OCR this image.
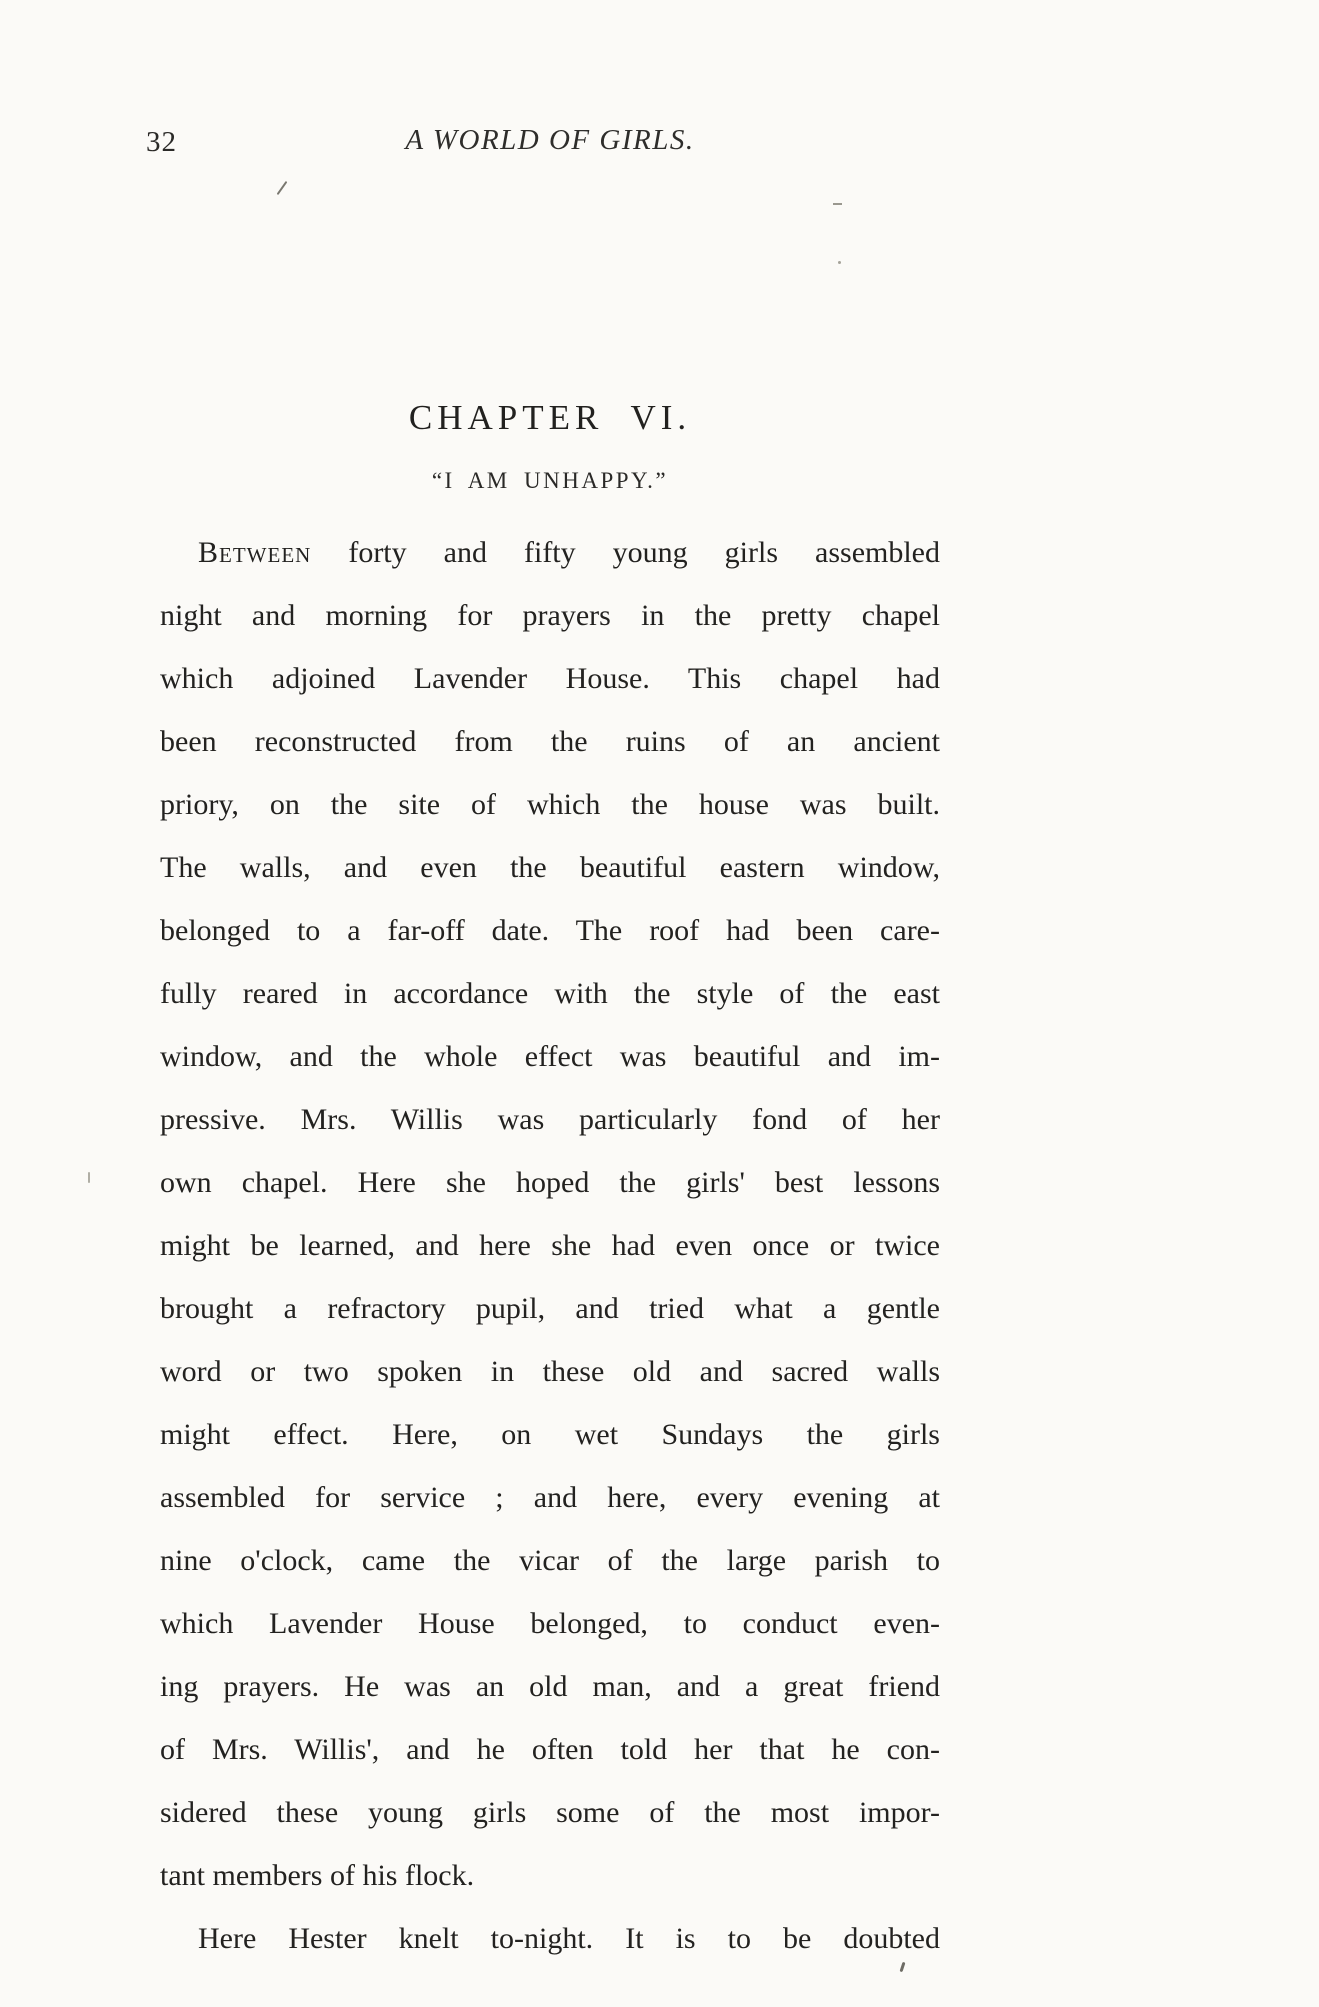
32	A WORLD OF GIRLS.
CHAPTER VI.
“I AM UNHAPPY.”
Between forty and fifty young girls assembled
night and morning for prayers in the pretty chapel
which adjoined Lavender House. This chapel had
been reconstructed from the ruins of an ancient
priory, on the site of which the house was built.
The walls, and even the beautiful eastern window,
belonged to a far-off date. The roof had been care-
fully reared in accordance with the style of the east
window, and the whole effect was beautiful and im-
pressive. Mrs. Willis was particularly fond of her
own chapel. Here she hoped the girls' best lessons
might be learned, and here she had even once or twice
brought a refractory pupil, and tried what a gentle
word or two spoken in these old and sacred walls
might effect. Here, on wet Sundays the girls
assembled for service ; and here, every evening at
nine o'clock, came the vicar of the large parish to
which Lavender House belonged, to conduct even-
ing prayers. He was an old man, and a great friend
of Mrs. Willis', and he often told her that he con-
sidered these young girls some of the most impor-
tant members of his flock.
Here Hester knelt to-night. It is to be doubted
